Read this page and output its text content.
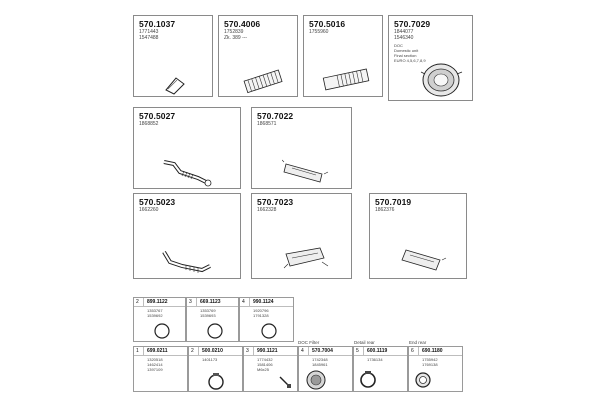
570.1037
1771443
1547488
570.4006
1752839
Zk. 389 ---
570.5016
1755960
570.7029
1844077
1546340
DOC
Domestic unit
Final section
EURO 4,5,6,7,8,9
570.5027
1868852
570.7022
1868571
570.5023
1662260
570.7023
1662328
570.7019
1862376
2 899.1122
1353767
1539692
3 669.1123
1353769
1539693
4 990.1124
1920796
1791328
DOC Filter	Detail rear	End rear
1 699.0211
1320518
1462414
1397109
2 500.0210
1401173
3 990.1121
1774432
1581406
M6x25
4 570.7004
1742348
1845961
5 600.1119
1736134
6 690.1180
1755942
1769138
